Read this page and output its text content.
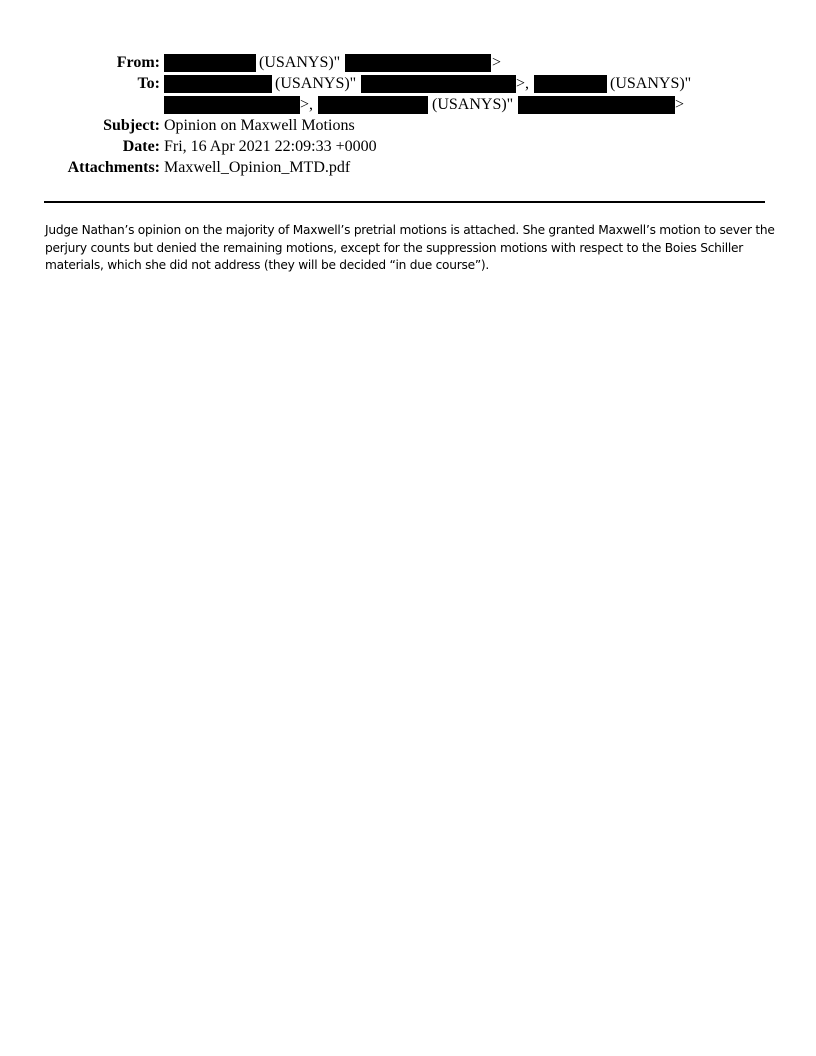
From:	(USANYS)"	>
To:	(USANYS)"	>,	(USANYS)"
>,	(USANYS)"	>
Subject: Opinion on Maxwell Motions
Date: Fri, 16 Apr 2021 22:09:33 +0000
Attachments: Maxwell_Opinion_MTD.pdf

Judge Nathan’s opinion on the majority of Maxwell’s pretrial motions is attached. She granted Maxwell’s motion to sever the perjury counts but denied the remaining motions, except for the suppression motions with respect to the Boies Schiller materials, which she did not address (they will be decided “in due course”).
